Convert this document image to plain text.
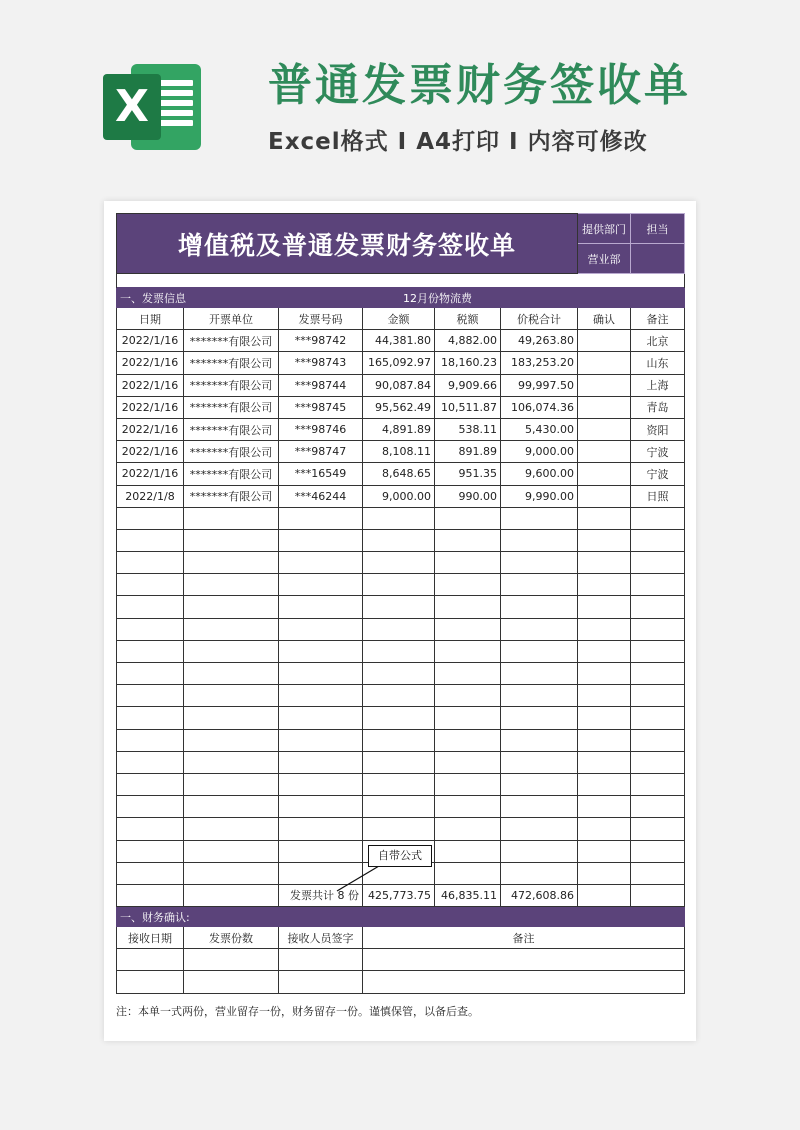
X	普通发票财务签收单
Excel格式 I A4打印 I 内容可修改
增值税及普通发票财务签收单						提供部门	担当
						营业部	

一、发票信息			12月份物流费				
日期	开票单位	发票号码	金额	税额	价税合计	确认	备注
2022/1/16	*******有限公司	***98742	44,381.80	4,882.00	49,263.80		北京
2022/1/16	*******有限公司	***98743	165,092.97	18,160.23	183,253.20		山东
2022/1/16	*******有限公司	***98744	90,087.84	9,909.66	99,997.50		上海
2022/1/16	*******有限公司	***98745	95,562.49	10,511.87	106,074.36		青岛
2022/1/16	*******有限公司	***98746	4,891.89	538.11	5,430.00		资阳
2022/1/16	*******有限公司	***98747	8,108.11	891.89	9,000.00		宁波
2022/1/16	*******有限公司	***16549	8,648.65	951.35	9,600.00		宁波
2022/1/8	*******有限公司	***46244	9,000.00	990.00	9,990.00		日照

		发票共计 8 份	425,773.75	46,835.11	472,608.86		
一、财务确认:							
接收日期	发票份数	接收人员签字	备注				

自带公式
注：本单一式两份，营业留存一份，财务留存一份。谨慎保管，以备后查。
